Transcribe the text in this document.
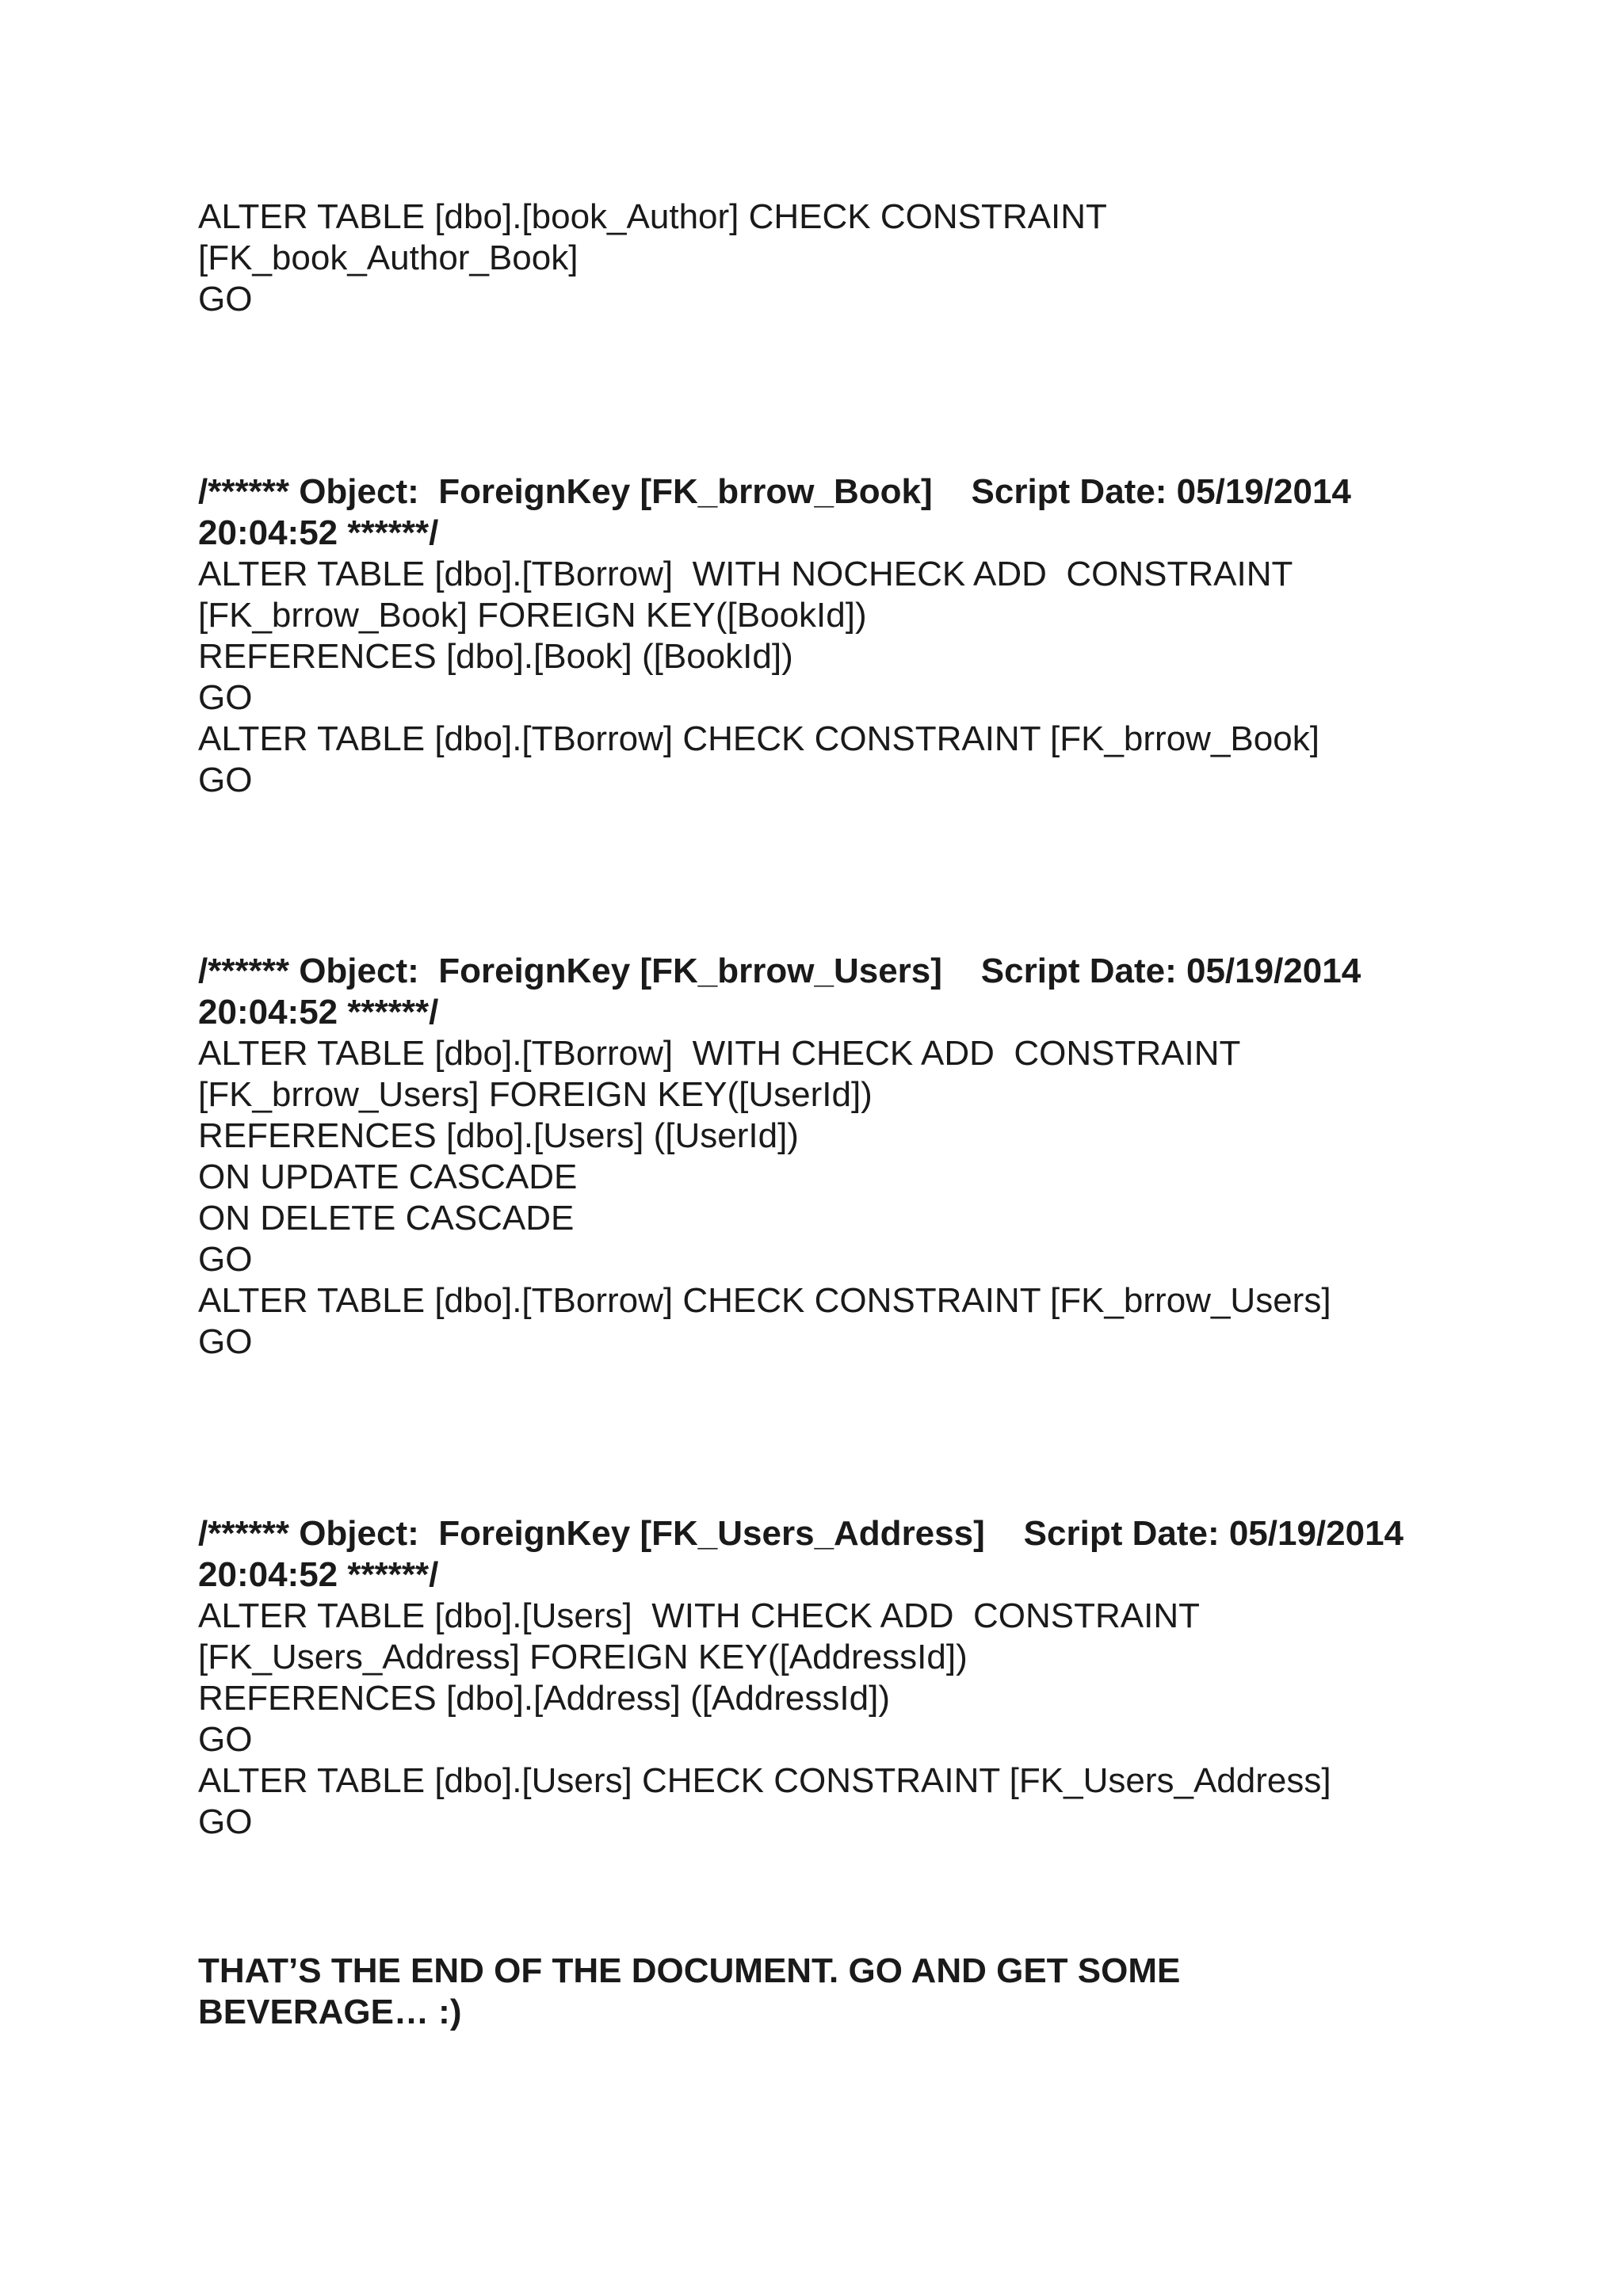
ALTER TABLE [dbo].[book_Author] CHECK CONSTRAINT
[FK_book_Author_Book]
GO
/****** Object:  ForeignKey [FK_brrow_Book]    Script Date: 05/19/2014
20:04:52 ******/
ALTER TABLE [dbo].[TBorrow]  WITH NOCHECK ADD  CONSTRAINT
[FK_brrow_Book] FOREIGN KEY([BookId])
REFERENCES [dbo].[Book] ([BookId])
GO
ALTER TABLE [dbo].[TBorrow] CHECK CONSTRAINT [FK_brrow_Book]
GO
/****** Object:  ForeignKey [FK_brrow_Users]    Script Date: 05/19/2014
20:04:52 ******/
ALTER TABLE [dbo].[TBorrow]  WITH CHECK ADD  CONSTRAINT
[FK_brrow_Users] FOREIGN KEY([UserId])
REFERENCES [dbo].[Users] ([UserId])
ON UPDATE CASCADE
ON DELETE CASCADE
GO
ALTER TABLE [dbo].[TBorrow] CHECK CONSTRAINT [FK_brrow_Users]
GO
/****** Object:  ForeignKey [FK_Users_Address]    Script Date: 05/19/2014
20:04:52 ******/
ALTER TABLE [dbo].[Users]  WITH CHECK ADD  CONSTRAINT
[FK_Users_Address] FOREIGN KEY([AddressId])
REFERENCES [dbo].[Address] ([AddressId])
GO
ALTER TABLE [dbo].[Users] CHECK CONSTRAINT [FK_Users_Address]
GO
THAT’S THE END OF THE DOCUMENT. GO AND GET SOME
BEVERAGE… :)
